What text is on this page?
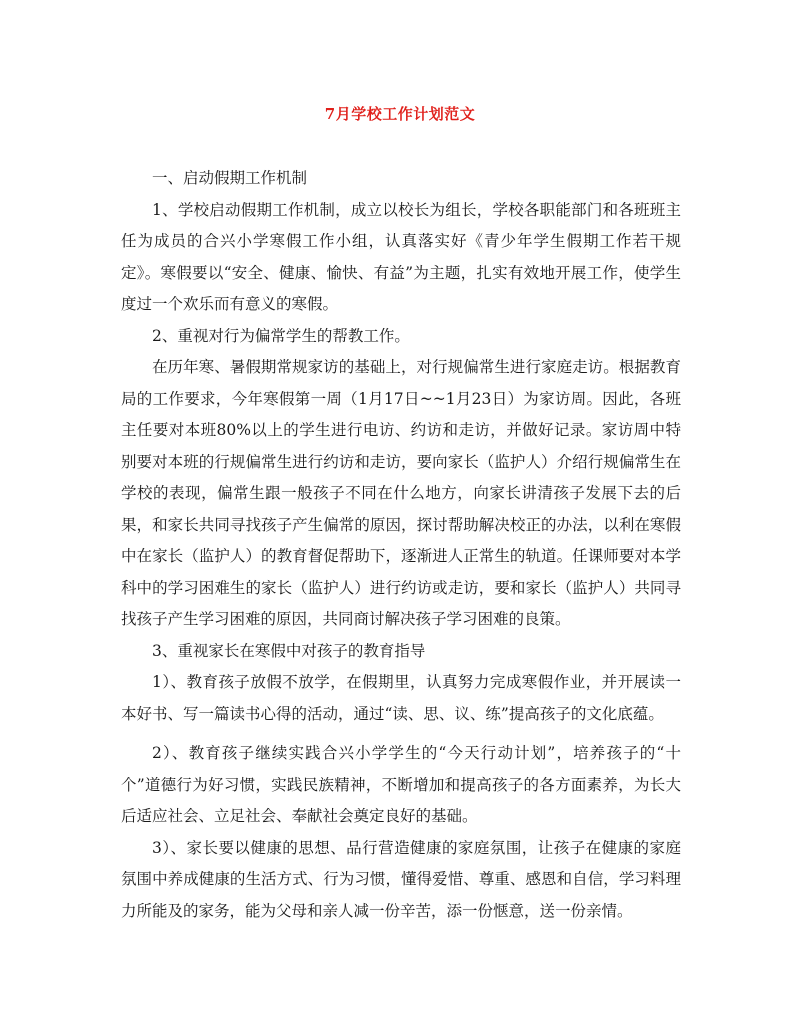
7月学校工作计划范文

一、启动假期工作机制

1、学校启动假期工作机制，成立以校长为组长，学校各职能部门和各班班主任为成员的合兴小学寒假工作小组，认真落实好《青少年学生假期工作若干规定》。寒假要以“安全、健康、愉快、有益”为主题，扎实有效地开展工作，使学生度过一个欢乐而有意义的寒假。

2、重视对行为偏常学生的帮教工作。

在历年寒、暑假期常规家访的基础上，对行规偏常生进行家庭走访。根据教育局的工作要求，今年寒假第一周（1月17日~~1月23日）为家访周。因此，各班主任要对本班80%以上的学生进行电访、约访和走访，并做好记录。家访周中特别要对本班的行规偏常生进行约访和走访，要向家长（监护人）介绍行规偏常生在学校的表现，偏常生跟一般孩子不同在什么地方，向家长讲清孩子发展下去的后果，和家长共同寻找孩子产生偏常的原因，探讨帮助解决校正的办法，以利在寒假中在家长（监护人）的教育督促帮助下，逐渐进人正常生的轨道。任课师要对本学科中的学习困难生的家长（监护人）进行约访或走访，要和家长（监护人）共同寻找孩子产生学习困难的原因，共同商讨解决孩子学习困难的良策。

3、重视家长在寒假中对孩子的教育指导

1）、教育孩子放假不放学，在假期里，认真努力完成寒假作业，并开展读一本好书、写一篇读书心得的活动，通过“读、思、议、练”提高孩子的文化底蕴。

2）、教育孩子继续实践合兴小学学生的“今天行动计划”，培养孩子的“十个”道德行为好习惯，实践民族精神，不断增加和提高孩子的各方面素养，为长大后适应社会、立足社会、奉献社会奠定良好的基础。

3）、家长要以健康的思想、品行营造健康的家庭氛围，让孩子在健康的家庭氛围中养成健康的生活方式、行为习惯，懂得爱惜、尊重、感恩和自信，学习料理力所能及的家务，能为父母和亲人减一份辛苦，添一份惬意，送一份亲情。
